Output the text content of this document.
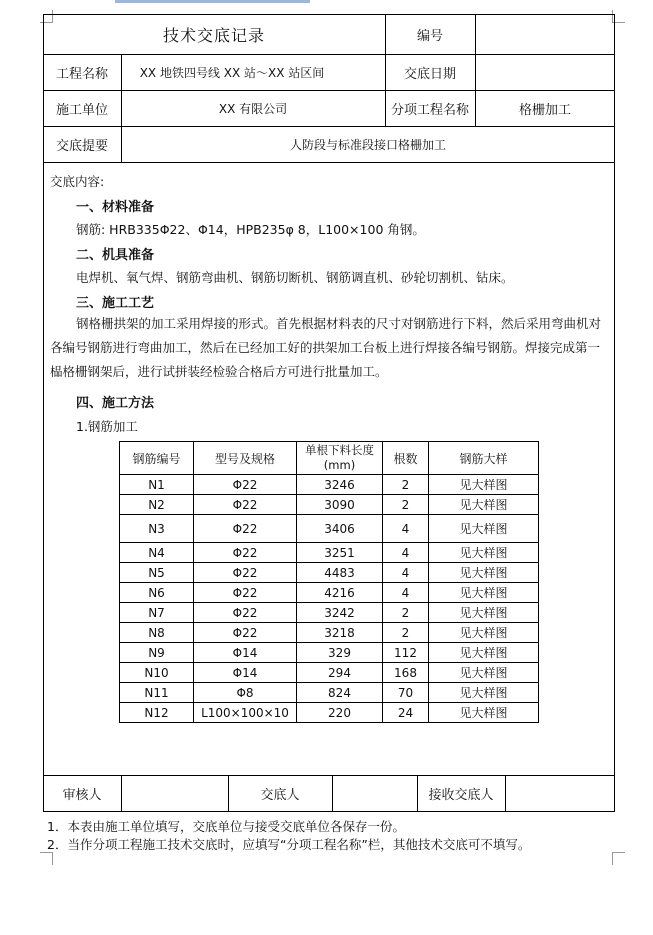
技术交底记录	编号
工程名称	XX 地铁四号线 XX 站～XX 站区间	交底日期
施工单位	XX 有限公司	分项工程名称	格栅加工
交底提要	人防段与标准段接口格栅加工
交底内容:
一、材料准备
钢筋: HRB335Φ22、Φ14，HPB235φ 8，L100×100 角钢。
二、机具准备
电焊机、氧气焊、钢筋弯曲机、钢筋切断机、钢筋调直机、砂轮切割机、钻床。
三、施工工艺
钢格栅拱架的加工采用焊接的形式。首先根据材料表的尺寸对钢筋进行下料，然后采用弯曲机对各编号钢筋进行弯曲加工，然后在已经加工好的拱架加工台板上进行焊接各编号钢筋。焊接完成第一榀格栅钢架后，进行试拼装经检验合格后方可进行批量加工。
四、施工方法
1.钢筋加工
钢筋编号	型号及规格	单根下料长度 (mm)	根数	钢筋大样
N1	Φ22	3246	2	见大样图
N2	Φ22	3090	2	见大样图
N3	Φ22	3406	4	见大样图
N4	Φ22	3251	4	见大样图
N5	Φ22	4483	4	见大样图
N6	Φ22	4216	4	见大样图
N7	Φ22	3242	2	见大样图
N8	Φ22	3218	2	见大样图
N9	Φ14	329	112	见大样图
N10	Φ14	294	168	见大样图
N11	Φ8	824	70	见大样图
N12	L100×100×10	220	24	见大样图
审核人	交底人	接收交底人
1．本表由施工单位填写，交底单位与接受交底单位各保存一份。
2．当作分项工程施工技术交底时，应填写“分项工程名称”栏，其他技术交底可不填写。
